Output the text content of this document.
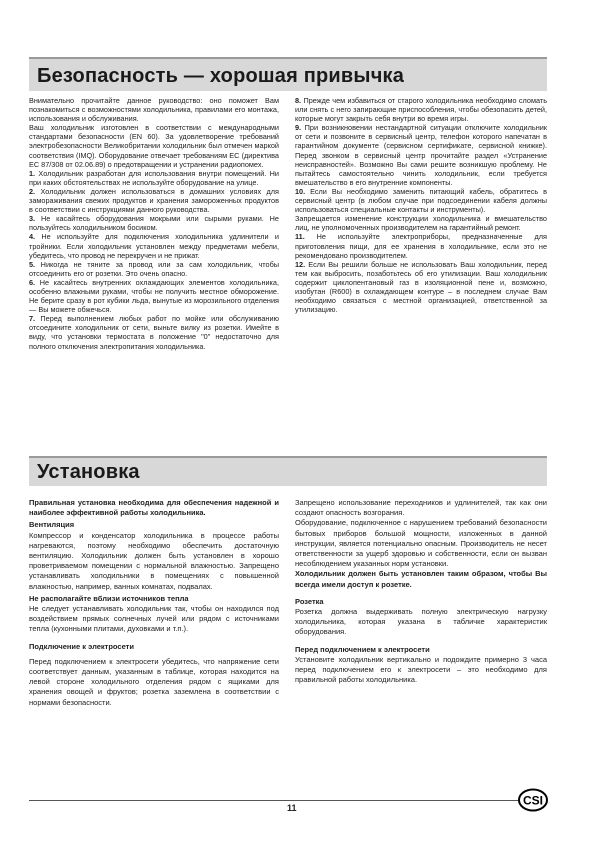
Безопасность — хорошая привычка

Внимательно прочитайте данное руководство: оно поможет Вам познакомиться с возможностями холодильника, правилами его монтажа, использования и обслуживания.

Ваш холодильник изготовлен в соответствии с международными стандартами безопасности (EN 60). За удовлетворение требований электробезопасности Великобритании холодильник был отмечен маркой соответствия (IMQ). Оборудование отвечает требованиям ЕС (директива ЕС 87/308 от 02.06.89) о предотвращении и устранении радиопомех.

1. Холодильник разработан для использования внутри помещений. Ни при каких обстоятельствах не используйте оборудование на улице.

2. Холодильник должен использоваться в домашних условиях для замораживания свежих продуктов и хранения замороженных продуктов в соответствии с инструкциями данного руководства.

3. Не касайтесь оборудования мокрыми или сырыми руками. Не пользуйтесь холодильником босиком.

4. Не используйте для подключения холодильника удлинители и тройники. Если холодильник установлен между предметами мебели, убедитесь, что провод не перекручен и не прижат.

5. Никогда не тяните за провод или за сам холодильник, чтобы отсоединить его от розетки. Это очень опасно.

6. Не касайтесь внутренних охлаждающих элементов холодильника, особенно влажными руками, чтобы не получить местное обморожение. Не берите сразу в рот кубики льда, вынутые из морозильного отделения — Вы можете обжечься.

7. Перед выполнением любых работ по мойке или обслуживанию отсоедините холодильник от сети, выньте вилку из розетки. Имейте в виду, что установки термостата в положение "0" недостаточно для полного отключения электропитания холодильника.

8. Прежде чем избавиться от старого холодильника необходимо сломать или снять с него запирающие приспособления, чтобы обезопасить детей, которые могут закрыть себя внутри во время игры.

9. При возникновении нестандартной ситуации отключите холодильник от сети и позвоните в сервисный центр, телефон которого напечатан в гарантийном документе (сервисном сертификате, сервисной книжке). Перед звонком в сервисный центр прочитайте раздел «Устранение неисправностей». Возможно Вы сами решите возникшую проблему. Не пытайтесь самостоятельно чинить холодильник, если требуется вмешательство в его внутренние компоненты.

10. Если Вы необходимо заменить питающий кабель, обратитесь в сервисный центр (в любом случае при подсоединении кабеля должны использоваться специальные контакты и инструменты).

Запрещается изменение конструкции холодильника и вмешательство лиц, не уполномоченных производителем на гарантийный ремонт.

11. Не используйте электроприборы, предназначенные для приготовления пищи, для ее хранения в холодильнике, если это не рекомендовано производителем.

12. Если Вы решили больше не использовать Ваш холодильник, перед тем как выбросить, позаботьтесь об его утилизации. Ваш холодильник содержит циклопентановый газ в изоляционной пене и, возможно, изобутан (R600) в охлаждающем контуре – в последнем случае Вам необходимо связаться с местной организацией, ответственной за утилизацию.

Установка

Правильная установка необходима для обеспечения надежной и наиболее эффективной работы холодильника.

Вентиляция

Компрессор и конденсатор холодильника в процессе работы нагреваются, поэтому необходимо обеспечить достаточную вентиляцию. Холодильник должен быть установлен в хорошо проветриваемом помещении с нормальной влажностью. Запрещено устанавливать холодильники в помещениях с повышенной влажностью, например, ванных комнатах, подвалах.

Не располагайте вблизи источников тепла

Не следует устанавливать холодильник так, чтобы он находился под воздействием прямых солнечных лучей или рядом с источниками тепла (кухонными плитами, духовками и т.п.).

Подключение к электросети

Перед подключением к электросети убедитесь, что напряжение сети соответствует данным, указанным в таблице, которая находится на левой стороне холодильного отделения рядом с ящиками для хранения овощей и фруктов; розетка заземлена в соответствии с нормами безопасности.

Запрещено использование переходников и удлинителей, так как они создают опасность возгорания.

Оборудование, подключенное с нарушением требований безопасности бытовых приборов большой мощности, изложенных в данной инструкции, является потенциально опасным. Производитель не несет ответственности за ущерб здоровью и собственности, если он вызван несоблюдением указанных норм установки.

Холодильник должен быть установлен таким образом, чтобы Вы всегда имели доступ к розетке.

Розетка

Розетка должна выдерживать полную электрическую нагрузку холодильника, которая указана в табличке характеристик оборудования.

Перед подключением к электросети

Установите холодильник вертикально и подождите примерно 3 часа перед подключением его к электросети – это необходимо для правильной работы холодильника.

11
CSI
